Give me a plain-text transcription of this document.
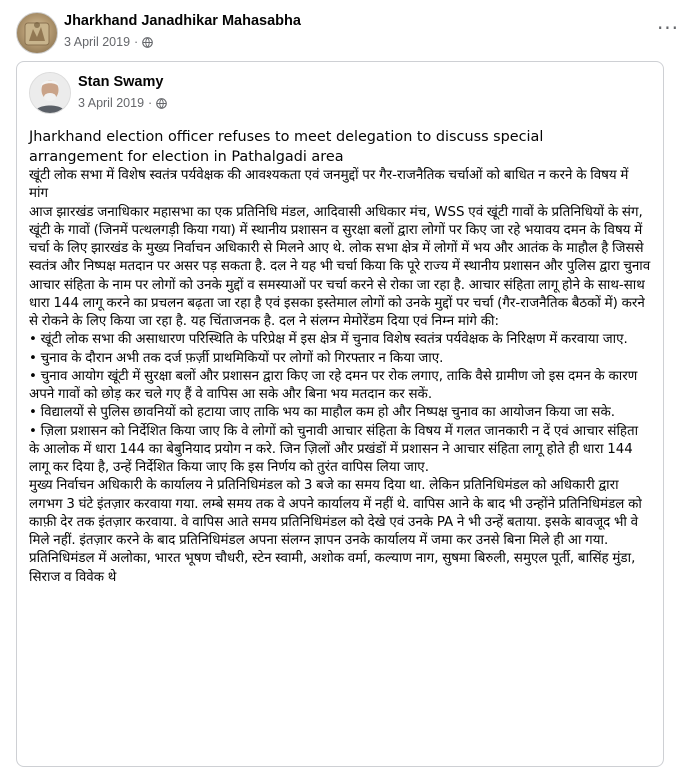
Jharkhand Janadhikar Mahasabha
3 April 2019 ·
···
Stan Swamy
3 April 2019 ·
Jharkhand election officer refuses to meet delegation to discuss special arrangement for election in Pathalgadi area

खूंटी लोक सभा में विशेष स्वतंत्र पर्यवेक्षक की आवश्यकता एवं जनमुद्दों पर गैर-राजनैतिक चर्चाओं को बाधित न करने के विषय में मांग

आज झारखंड जनाधिकार महासभा का एक प्रतिनिधि मंडल, आदिवासी अधिकार मंच, WSS एवं खूंटी गावों के प्रतिनिधियों के संग, खूंटी के गावों (जिनमें पत्थलगड़ी किया गया) में स्थानीय प्रशासन व सुरक्षा बलों द्वारा लोगों पर किए जा रहे भयावय दमन के विषय में चर्चा के लिए झारखंड के मुख्य निर्वाचन अधिकारी से मिलने आए थे. लोक सभा क्षेत्र में लोगों में भय और आतंक के माहौल है जिससे स्वतंत्र और निष्पक्ष मतदान पर असर पड़ सकता है. दल ने यह भी चर्चा किया कि पूरे राज्य में स्थानीय प्रशासन और पुलिस द्वारा चुनाव आचार संहिता के नाम पर लोगों को उनके मुद्दों व समस्याओं पर चर्चा करने से रोका जा रहा है. आचार संहिता लागू होने के साथ-साथ धारा 144 लागू करने का प्रचलन बढ़ता जा रहा है एवं इसका इस्तेमाल लोगों को उनके मुद्दों पर चर्चा (गैर-राजनैतिक बैठकों में) करने से रोकने के लिए किया जा रहा है. यह चिंताजनक है. दल ने संलग्न मेमोरेंडम दिया एवं निम्न मांगे की:

• खूंटी लोक सभा की असाधारण परिस्थिति के परिप्रेक्ष में इस क्षेत्र में चुनाव विशेष स्वतंत्र पर्यवेक्षक के निरिक्षण में करवाया जाए.

• चुनाव के दौरान अभी तक दर्ज फ़र्ज़ी प्राथमिकियों पर लोगों को गिरफ्तार न किया जाए.

• चुनाव आयोग खूंटी में सुरक्षा बलों और प्रशासन द्वारा किए जा रहे दमन पर रोक लगाए, ताकि वैसे ग्रामीण जो इस दमन के कारण अपने गावों को छोड़ कर चले गए हैं वे वापिस आ सके और बिना भय मतदान कर सकें.

• विद्यालयों से पुलिस छावनियों को हटाया जाए ताकि भय का माहौल कम हो और निष्पक्ष चुनाव का आयोजन किया जा सके.

• ज़िला प्रशासन को निर्देशित किया जाए कि वे लोगों को चुनावी आचार संहिता के विषय में गलत जानकारी न दें एवं आचार संहिता के आलोक में धारा 144 का बेबुनियाद प्रयोग न करे. जिन ज़िलों और प्रखंडों में प्रशासन ने आचार संहिता लागू होते ही धारा 144 लागू कर दिया है, उन्हें निर्देशित किया जाए कि इस निर्णय को तुरंत वापिस लिया जाए.

मुख्य निर्वाचन अधिकारी के कार्यालय ने प्रतिनिधिमंडल को 3 बजे का समय दिया था. लेकिन प्रतिनिधिमंडल को अधिकारी द्वारा लगभग 3 घंटे इंतज़ार करवाया गया. लम्बे समय तक वे अपने कार्यालय में नहीं थे. वापिस आने के बाद भी उन्होंने प्रतिनिधिमंडल को काफ़ी देर तक इंतज़ार करवाया. वे वापिस आते समय प्रतिनिधिमंडल को देखे एवं उनके PA ने भी उन्हें बताया. इसके बावजूद भी वे मिले नहीं. इंतज़ार करने के बाद प्रतिनिधिमंडल अपना संलग्न ज्ञापन उनके कार्यालय में जमा कर उनसे बिना मिले ही आ गया.

प्रतिनिधिमंडल में अलोका, भारत भूषण चौधरी, स्टेन स्वामी, अशोक वर्मा, कल्याण नाग, सुषमा बिरुली, समुएल पूर्ती, बासिंह मुंडा, सिराज व विवेक थे
